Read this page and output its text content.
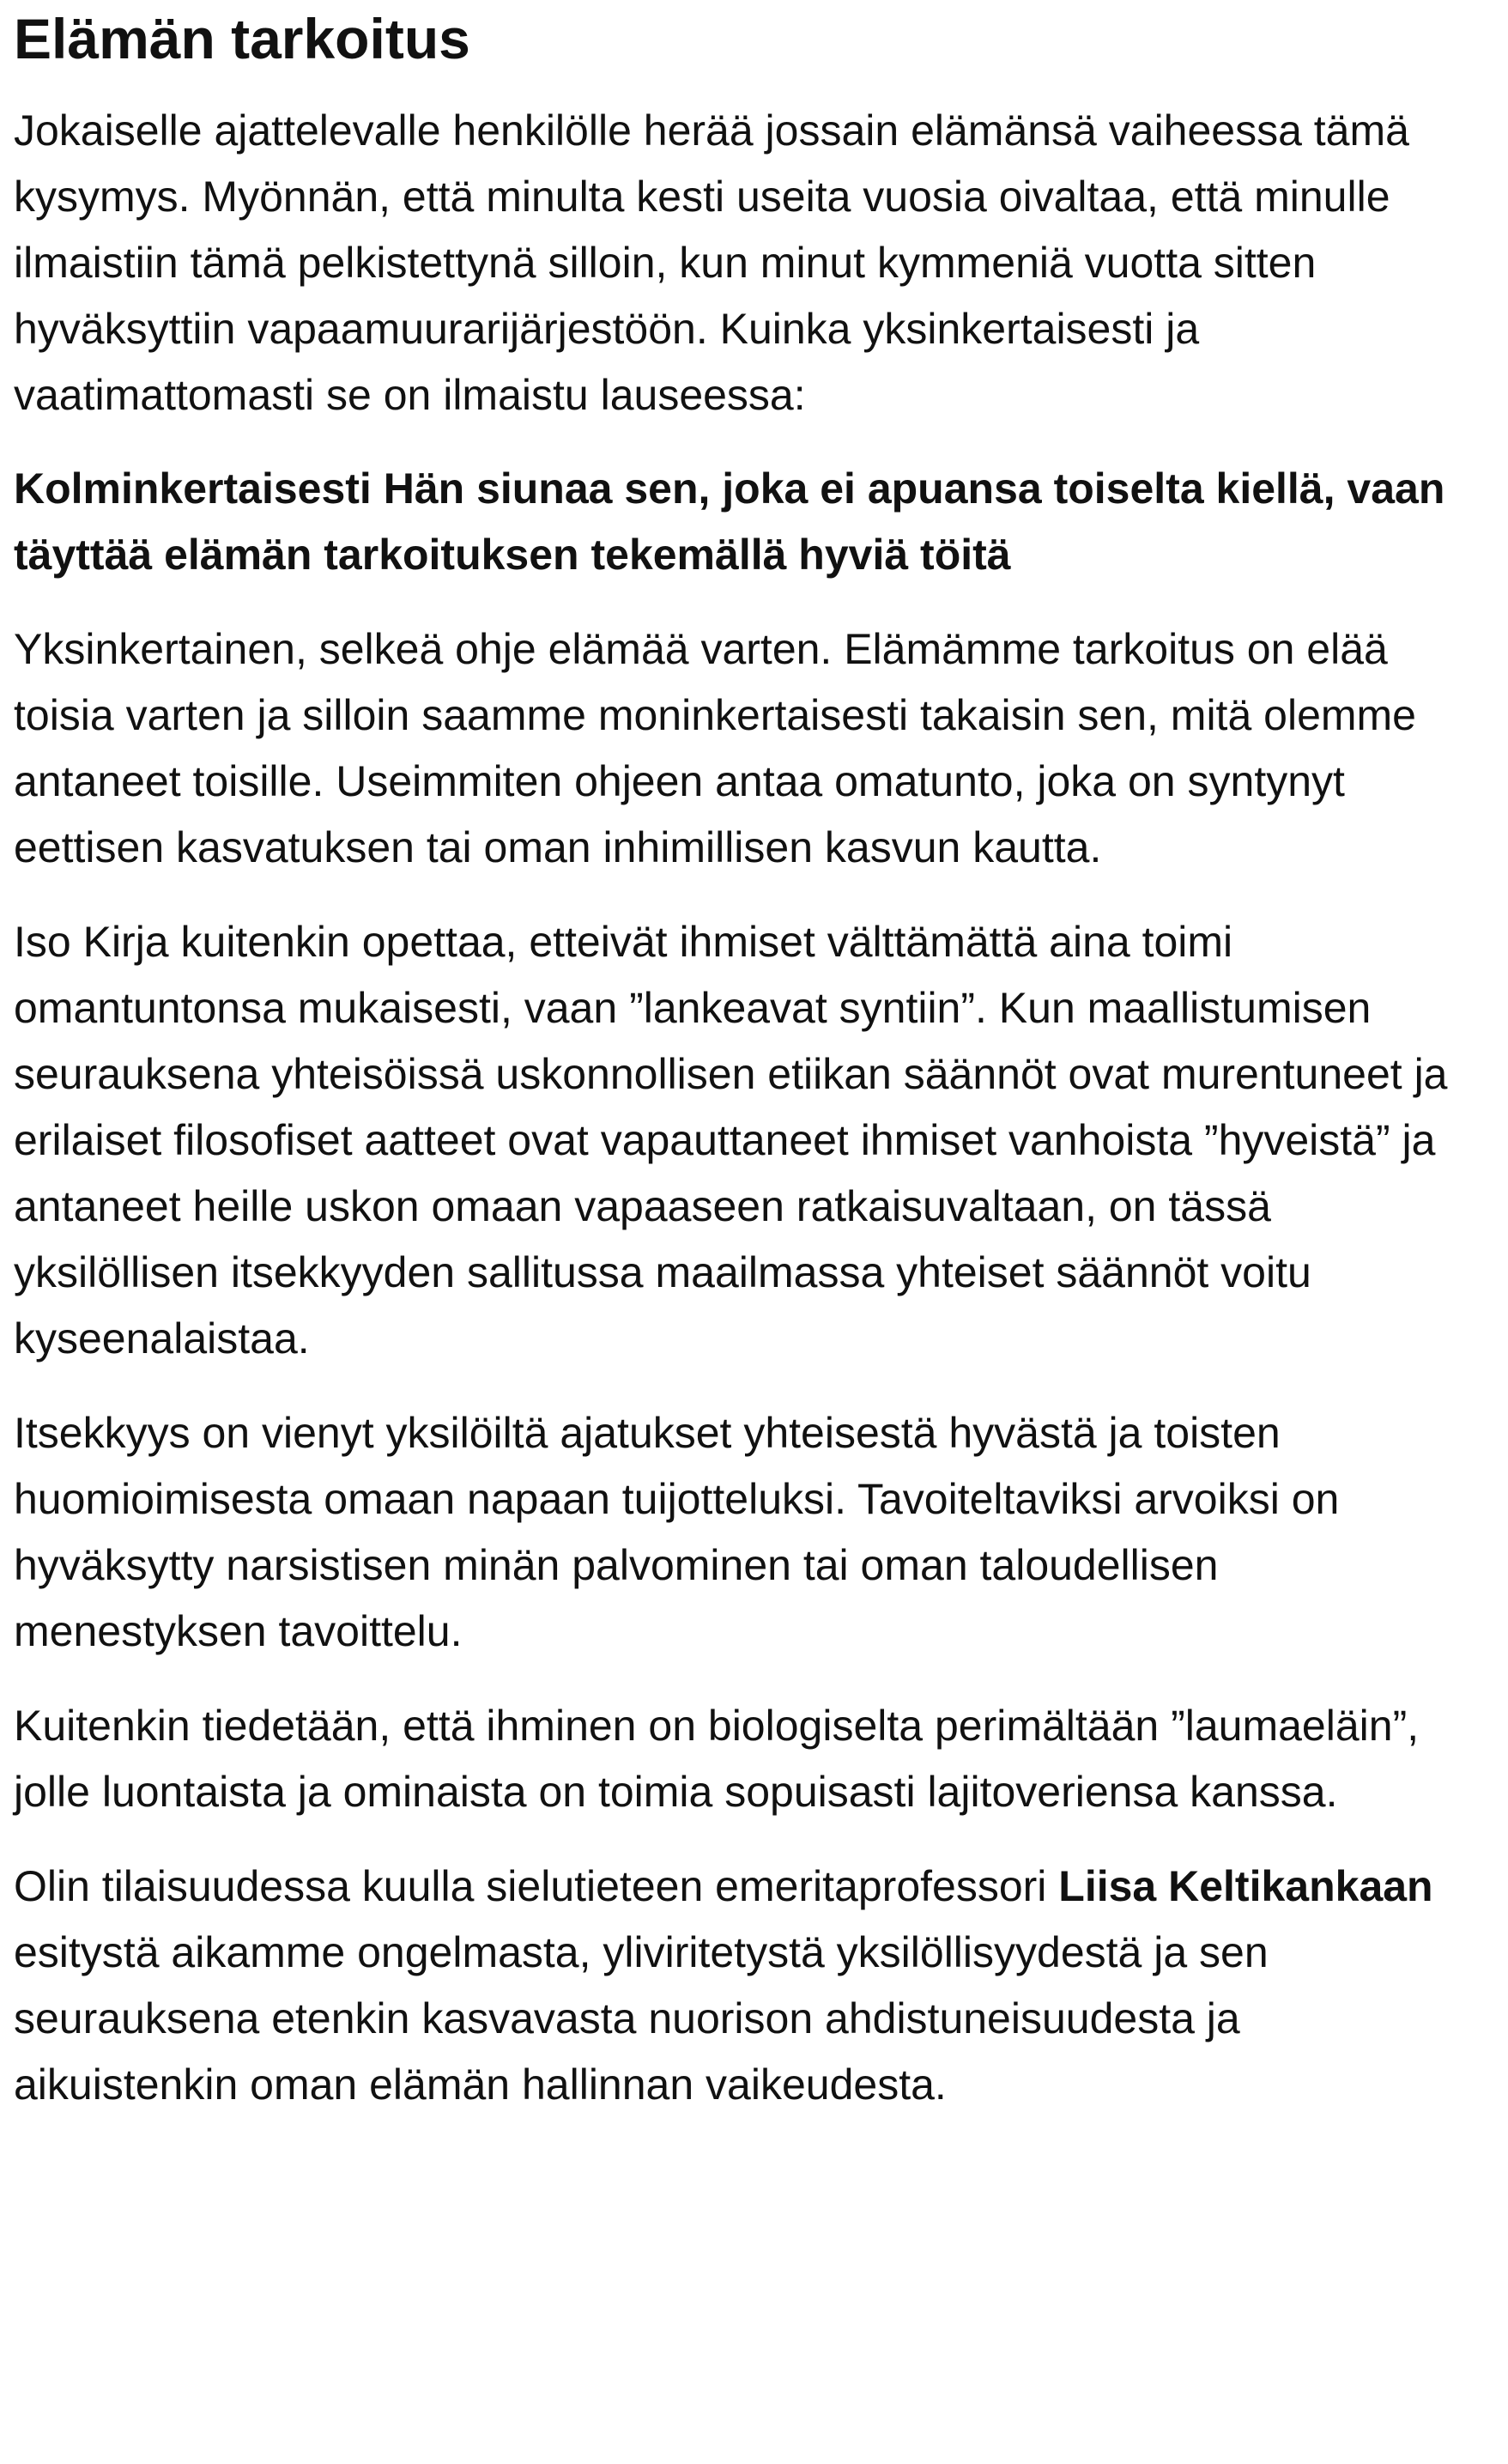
Elämän tarkoitus

Jokaiselle ajattelevalle henkilölle herää jossain elämänsä vaiheessa tämä kysymys. Myönnän, että minulta kesti useita vuosia oivaltaa, että minulle ilmaistiin tämä pelkistettynä silloin, kun minut kymmeniä vuotta sitten hyväksyttiin vapaamuurarijärjestöön. Kuinka yksinkertaisesti ja vaatimattomasti se on ilmaistu lauseessa:

Kolminkertaisesti Hän siunaa sen, joka ei apuansa toiselta kiellä, vaan täyttää elämän tarkoituksen tekemällä hyviä töitä

Yksinkertainen, selkeä ohje elämää varten. Elämämme tarkoitus on elää toisia varten ja silloin saamme moninkertaisesti takaisin sen, mitä olemme antaneet toisille. Useimmiten ohjeen antaa omatunto, joka on syntynyt eettisen kasvatuksen tai oman inhimillisen kasvun kautta.

Iso Kirja kuitenkin opettaa, etteivät ihmiset välttämättä aina toimi omantuntonsa mukaisesti, vaan ”lankeavat syntiin”. Kun maallistumisen seurauksena yhteisöissä uskonnollisen etiikan säännöt ovat murentuneet ja erilaiset filosofiset aatteet ovat vapauttaneet ihmiset vanhoista ”hyveistä” ja antaneet heille uskon omaan vapaaseen ratkaisuvaltaan, on tässä yksilöllisen itsekkyyden sallitussa maailmassa yhteiset säännöt voitu kyseenalaistaa.

Itsekkyys on vienyt yksilöiltä ajatukset yhteisestä hyvästä ja toisten huomioimisesta omaan napaan tuijotteluksi. Tavoiteltaviksi arvoiksi on hyväksytty narsistisen minän palvominen tai oman taloudellisen menestyksen tavoittelu.

Kuitenkin tiedetään, että ihminen on biologiselta perimältään ”laumaeläin”, jolle luontaista ja ominaista on toimia sopuisasti lajitoveriensa kanssa.

Olin tilaisuudessa kuulla sielutieteen emeritaprofessori Liisa Keltikankaan esitystä aikamme ongelmasta, yliviritetystä yksilöllisyydestä ja sen seurauksena etenkin kasvavasta nuorison ahdistuneisuudesta ja aikuistenkin oman elämän hallinnan vaikeudesta.
